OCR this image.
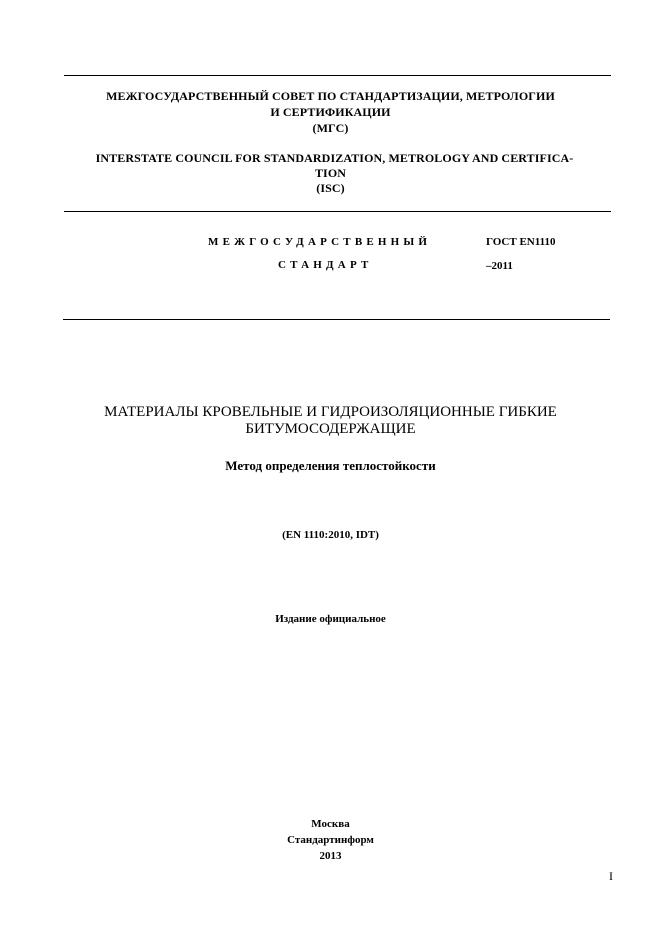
МЕЖГОСУДАРСТВЕННЫЙ СОВЕТ ПО СТАНДАРТИЗАЦИИ, МЕТРОЛОГИИ
И СЕРТИФИКАЦИИ
(МГС)
INTERSTATE COUNCIL FOR STANDARDIZATION, METROLOGY AND CERTIFICA-
TION
(ISC)
МЕЖГОСУДАРСТВЕННЫЙ
СТАНДАРТ
ГОСТ EN1110
–2011
МАТЕРИАЛЫ КРОВЕЛЬНЫЕ И ГИДРОИЗОЛЯЦИОННЫЕ ГИБКИЕ
БИТУМОСОДЕРЖАЩИЕ
Метод определения теплостойкости
(EN 1110:2010, IDT)
Издание официальное
Москва
Стандартинформ
2013
I
